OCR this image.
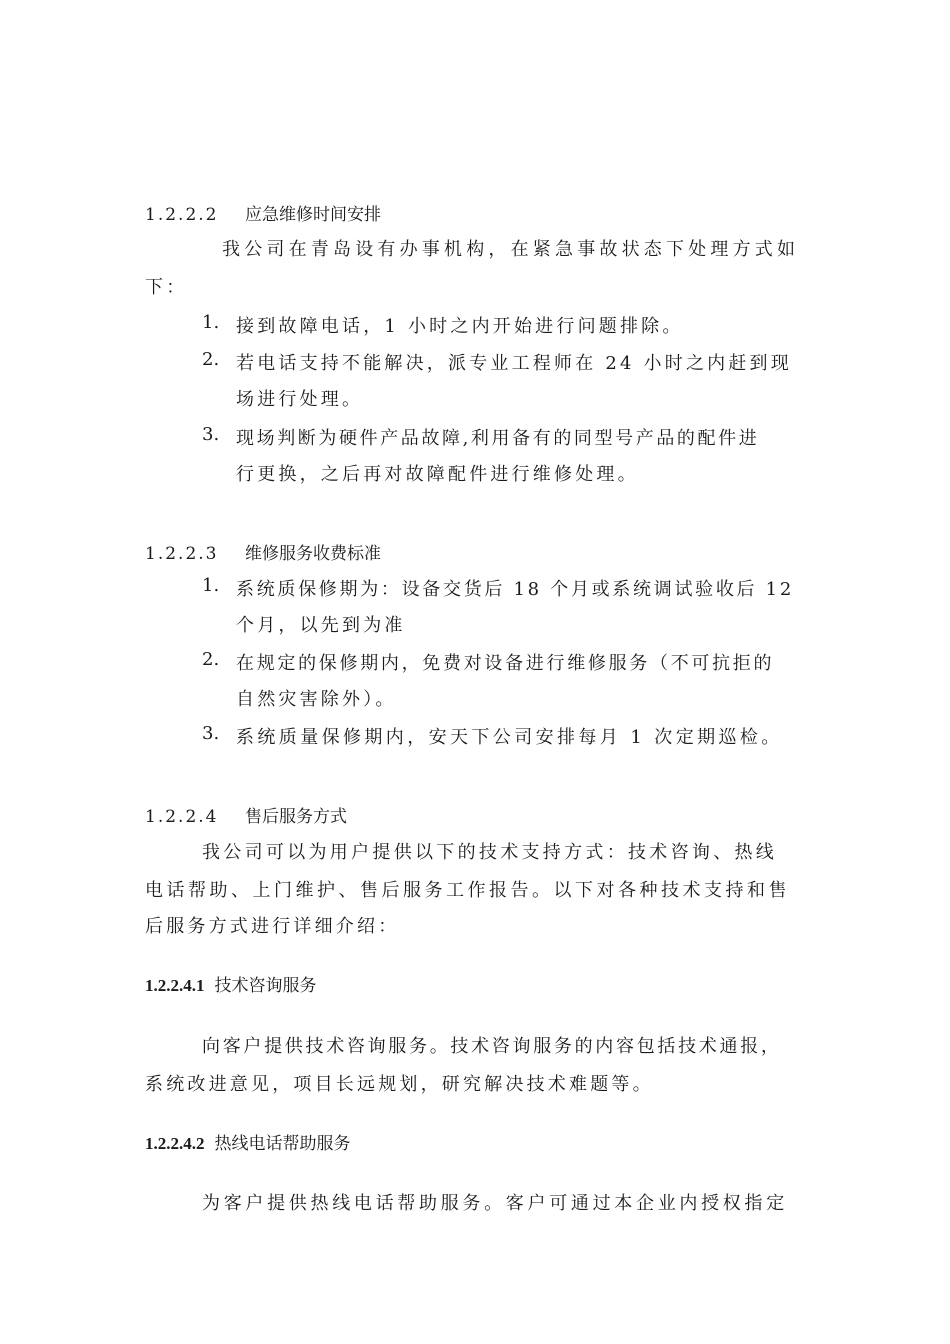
1.2.2.2 应急维修时间安排
我公司在青岛设有办事机构，在紧急事故状态下处理方式如
下：
1. 接到故障电话，1 小时之内开始进行问题排除。
2. 若电话支持不能解决，派专业工程师在 24 小时之内赶到现
场进行处理。
3. 现场判断为硬件产品故障,利用备有的同型号产品的配件进
行更换，之后再对故障配件进行维修处理。
1.2.2.3 维修服务收费标准
1. 系统质保修期为：设备交货后 18 个月或系统调试验收后 12
个月，以先到为准
2. 在规定的保修期内，免费对设备进行维修服务（不可抗拒的
自然灾害除外）。
3. 系统质量保修期内，安天下公司安排每月 1 次定期巡检。
1.2.2.4 售后服务方式
我公司可以为用户提供以下的技术支持方式：技术咨询、热线
电话帮助、上门维护、售后服务工作报告。以下对各种技术支持和售
后服务方式进行详细介绍：
1.2.2.4.1 技术咨询服务
向客户提供技术咨询服务。技术咨询服务的内容包括技术通报，
系统改进意见，项目长远规划，研究解决技术难题等。
1.2.2.4.2 热线电话帮助服务
为客户提供热线电话帮助服务。客户可通过本企业内授权指定
